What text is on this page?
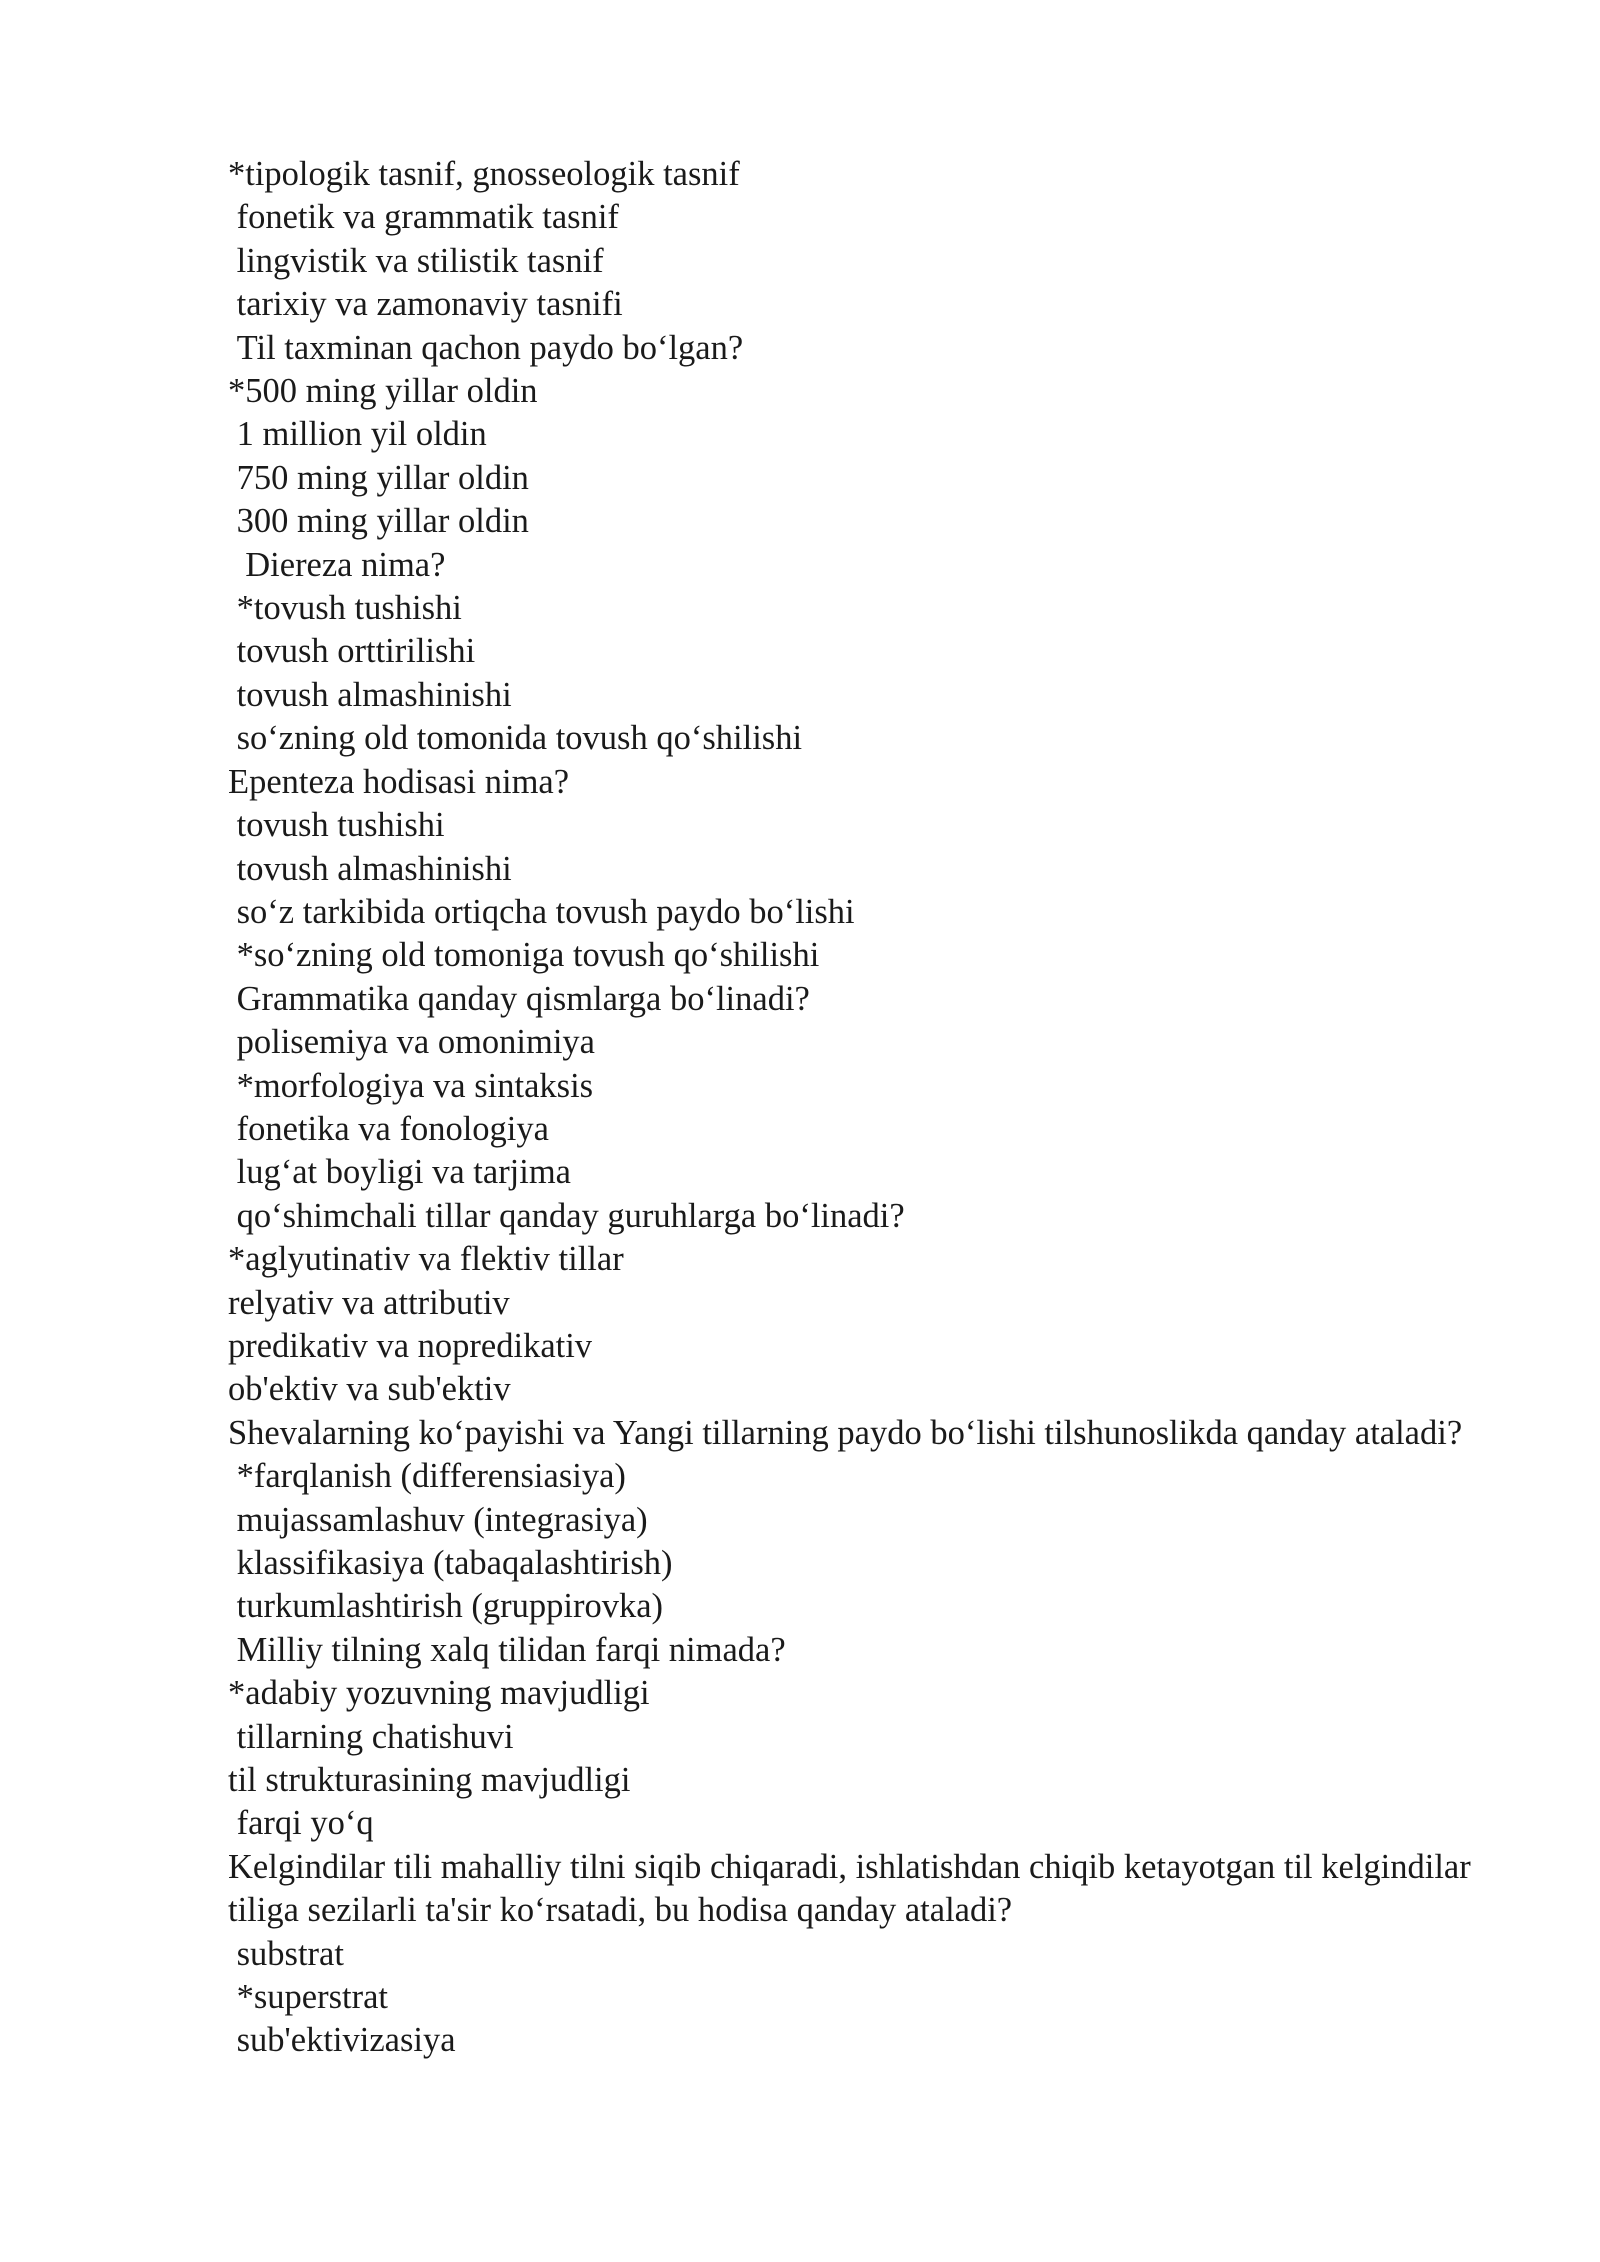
*tipologik tasnif, gnosseologik tasnif
fonetik va grammatik tasnif
lingvistik va stilistik tasnif
tarixiy va zamonaviy tasnifi
Til taxminan qachon paydo bo‘lgan?
*500 ming yillar oldin
1 million yil oldin
750 ming yillar oldin
300 ming yillar oldin
Diereza nima?
*tovush tushishi
tovush orttirilishi
tovush almashinishi
so‘zning old tomonida tovush qo‘shilishi
Epenteza hodisasi nima?
tovush tushishi
tovush almashinishi
so‘z tarkibida ortiqcha tovush paydo bo‘lishi
*so‘zning old tomoniga tovush qo‘shilishi
Grammatika qanday qismlarga bo‘linadi?
polisemiya va omonimiya
*morfologiya va sintaksis
fonetika va fonologiya
lug‘at boyligi va tarjima
qo‘shimchali tillar qanday guruhlarga bo‘linadi?
*aglyutinativ va flektiv tillar
relyativ va attributiv
predikativ va nopredikativ
ob'ektiv va sub'ektiv
Shevalarning ko‘payishi va Yangi tillarning paydo bo‘lishi tilshunoslikda qanday ataladi?
*farqlanish (differensiasiya)
mujassamlashuv (integrasiya)
klassifikasiya (tabaqalashtirish)
turkumlashtirish (gruppirovka)
Milliy tilning xalq tilidan farqi nimada?
*adabiy yozuvning mavjudligi
tillarning chatishuvi
til strukturasining mavjudligi
farqi yo‘q
Kelgindilar tili mahalliy tilni siqib chiqaradi, ishlatishdan chiqib ketayotgan til kelgindilar tiliga sezilarli ta'sir ko‘rsatadi, bu hodisa qanday ataladi?
substrat
*superstrat
sub'ektivizasiya
